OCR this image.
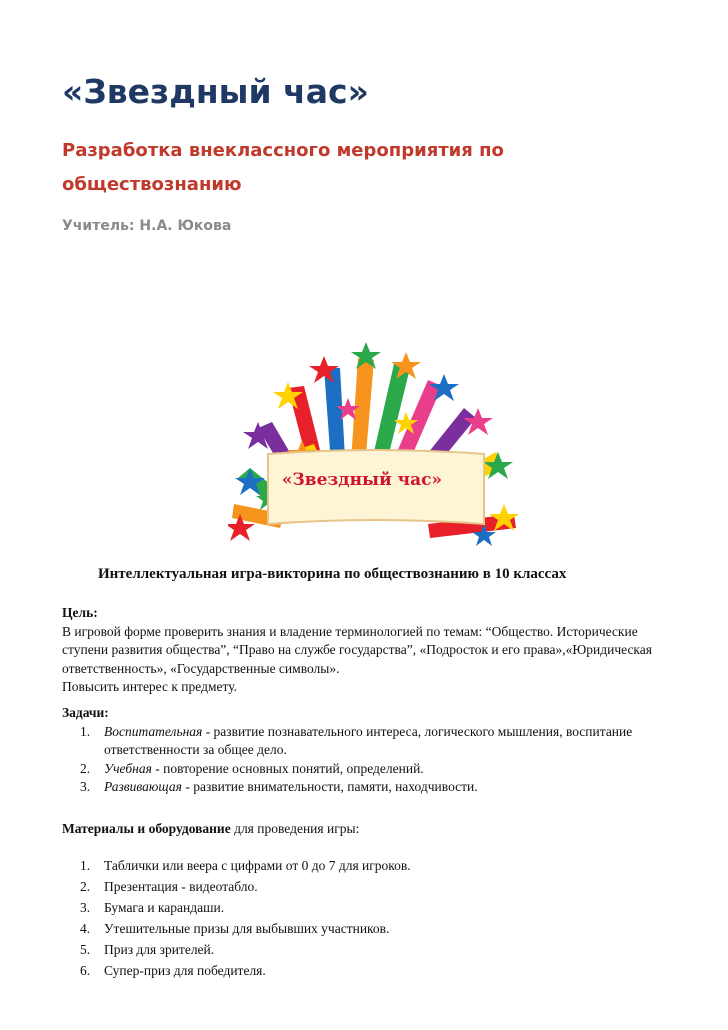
«Звездный час»
Разработка внеклассного мероприятия по обществознанию
Учитель: Н.А. Юкова
«Звездный час»
Интеллектуальная игра-викторина по обществознанию в 10 классах

Цель:

В игровой форме проверить знания и владение терминологией по темам: “Общество. Исторические ступени развития общества”, “Право на службе государства”, «Подросток и его права»,«Юридическая ответственность», «Государственные символы».

Повысить интерес к предмету.

Задачи:

1. Воспитательная - развитие познавательного интереса, логического мышления, воспитание ответственности за общее дело.
2. Учебная - повторение основных понятий, определений.
3. Развивающая - развитие внимательности, памяти, находчивости.

Материалы и оборудование для проведения игры:

1. Таблички или веера с цифрами от 0 до 7 для игроков.
2. Презентация - видеотабло.
3. Бумага и карандаши.
4. Утешительные призы для выбывших участников.
5. Приз для зрителей.
6. Супер-приз для победителя.
